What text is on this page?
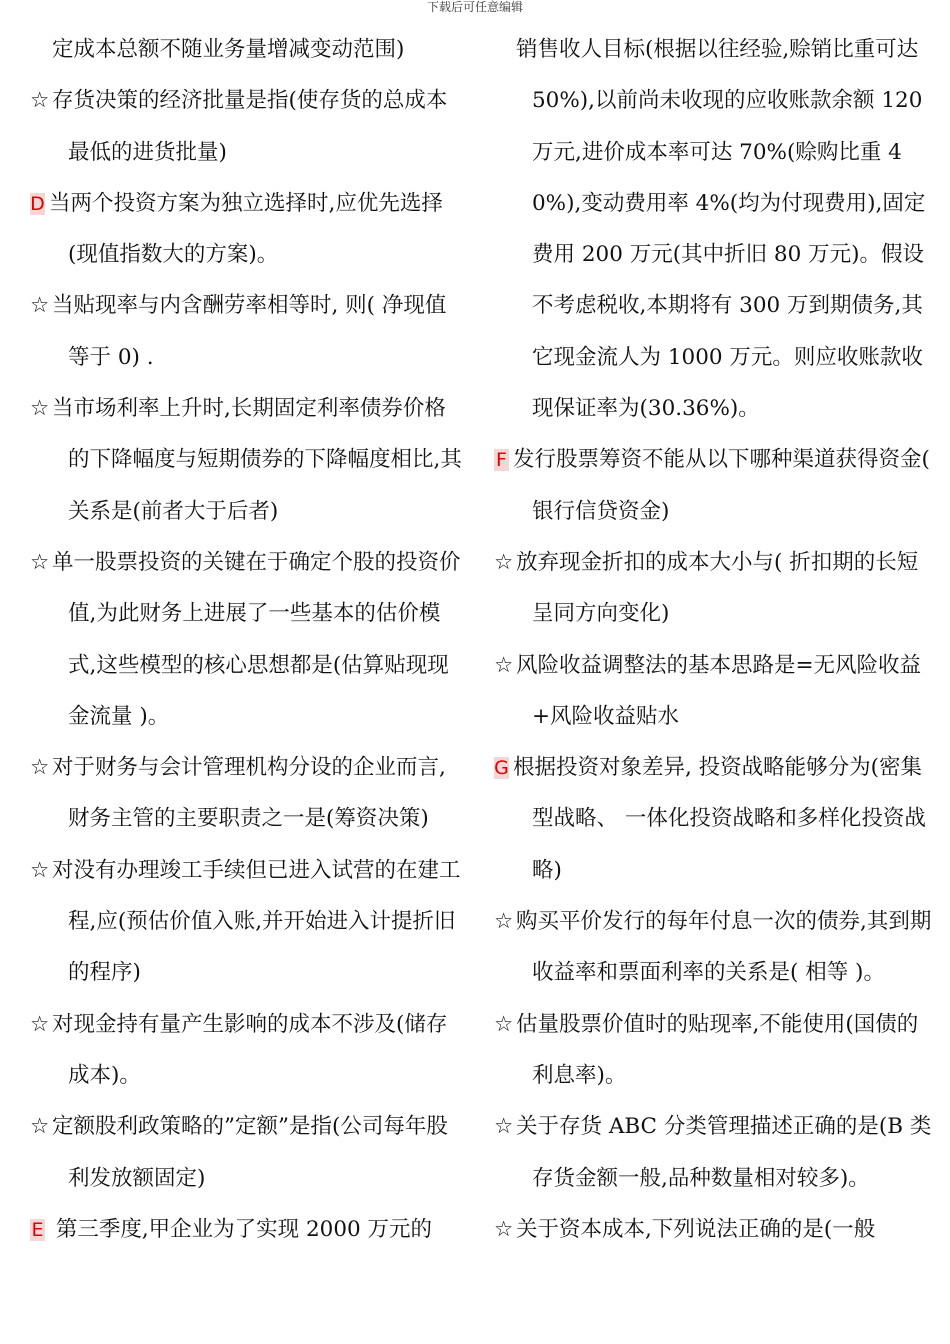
下载后可任意编辑

定成本总额不随业务量增减变动范围)

☆ 存货决策的经济批量是指(使存货的总成本最低的进货批量)

D 当两个投资方案为独立选择时,应优先选择(现值指数大的方案)。

☆ 当贴现率与内含酬劳率相等时, 则( 净现值等于 0) .

☆ 当市场利率上升时,长期固定利率债券价格的下降幅度与短期债券的下降幅度相比,其关系是(前者大于后者)

☆ 单一股票投资的关键在于确定个股的投资价值,为此财务上进展了一些基本的估价模式,这些模型的核心思想都是(估算贴现现金流量 )。

☆ 对于财务与会计管理机构分设的企业而言,财务主管的主要职责之一是(筹资决策)

☆ 对没有办理竣工手续但已进入试营的在建工程,应(预估价值入账,并开始进入计提折旧的程序)

☆ 对现金持有量产生影响的成本不涉及(储存成本)。

☆ 定额股利政策略的”定额”是指(公司每年股利发放额固定)

E 第三季度,甲企业为了实现 2000 万元的

销售收人目标(根据以往经验,赊销比重可达 50%),以前尚未收现的应收账款余额 120 万元,进价成本率可达 70%(赊购比重 40%),变动费用率 4%(均为付现费用),固定费用 200 万元(其中折旧 80 万元)。假设不考虑税收,本期将有 300 万到期债务,其它现金流人为 1000 万元。则应收账款收现保证率为(30.36%)。

F 发行股票筹资不能从以下哪种渠道获得资金( 银行信贷资金)

☆ 放弃现金折扣的成本大小与( 折扣期的长短呈同方向变化)

☆ 风险收益调整法的基本思路是=无风险收益+风险收益贴水

G 根据投资对象差异, 投资战略能够分为(密集型战略、 一体化投资战略和多样化投资战略)

☆ 购买平价发行的每年付息一次的债券,其到期收益率和票面利率的关系是( 相等 )。

☆ 估量股票价值时的贴现率,不能使用(国债的利息率)。

☆ 关于存货 ABC 分类管理描述正确的是(B 类存货金额一般,品种数量相对较多)。

☆ 关于资本成本,下列说法正确的是(一般
